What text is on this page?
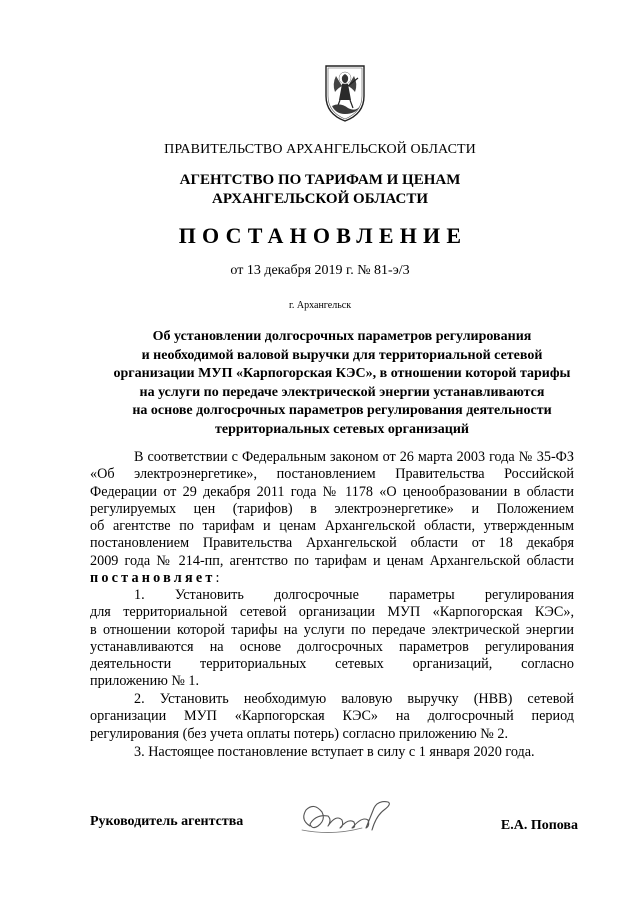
ПРАВИТЕЛЬСТВО АРХАНГЕЛЬСКОЙ ОБЛАСТИ
АГЕНТСТВО ПО ТАРИФАМ И ЦЕНАМ
АРХАНГЕЛЬСКОЙ ОБЛАСТИ
ПОСТАНОВЛЕНИЕ
от 13 декабря 2019 г. № 81-э/3
г. Архангельск
Об установлении долгосрочных параметров регулирования
и необходимой валовой выручки для территориальной сетевой
организации МУП «Карпогорская КЭС», в отношении которой тарифы
на услуги по передаче электрической энергии устанавливаются
на основе долгосрочных параметров регулирования деятельности
территориальных сетевых организаций
В соответствии с Федеральным законом от 26 марта 2003 года № 35-ФЗ
«Об электроэнергетике», постановлением Правительства Российской
Федерации от 29 декабря 2011 года № 1178 «О ценообразовании в области
регулируемых цен (тарифов) в электроэнергетике» и Положением
об агентстве по тарифам и ценам Архангельской области, утвержденным
постановлением Правительства Архангельской области от 18 декабря
2009 года № 214-пп, агентство по тарифам и ценам Архангельской области
постановляет:
1. Установить долгосрочные параметры регулирования
для территориальной сетевой организации МУП «Карпогорская КЭС»,
в отношении которой тарифы на услуги по передаче электрической энергии
устанавливаются на основе долгосрочных параметров регулирования
деятельности территориальных сетевых организаций, согласно
приложению № 1.
2. Установить необходимую валовую выручку (НВВ) сетевой
организации МУП «Карпогорская КЭС» на долгосрочный период
регулирования (без учета оплаты потерь) согласно приложению № 2.
3. Настоящее постановление вступает в силу с 1 января 2020 года.
Руководитель агентства	Е.А. Попова
